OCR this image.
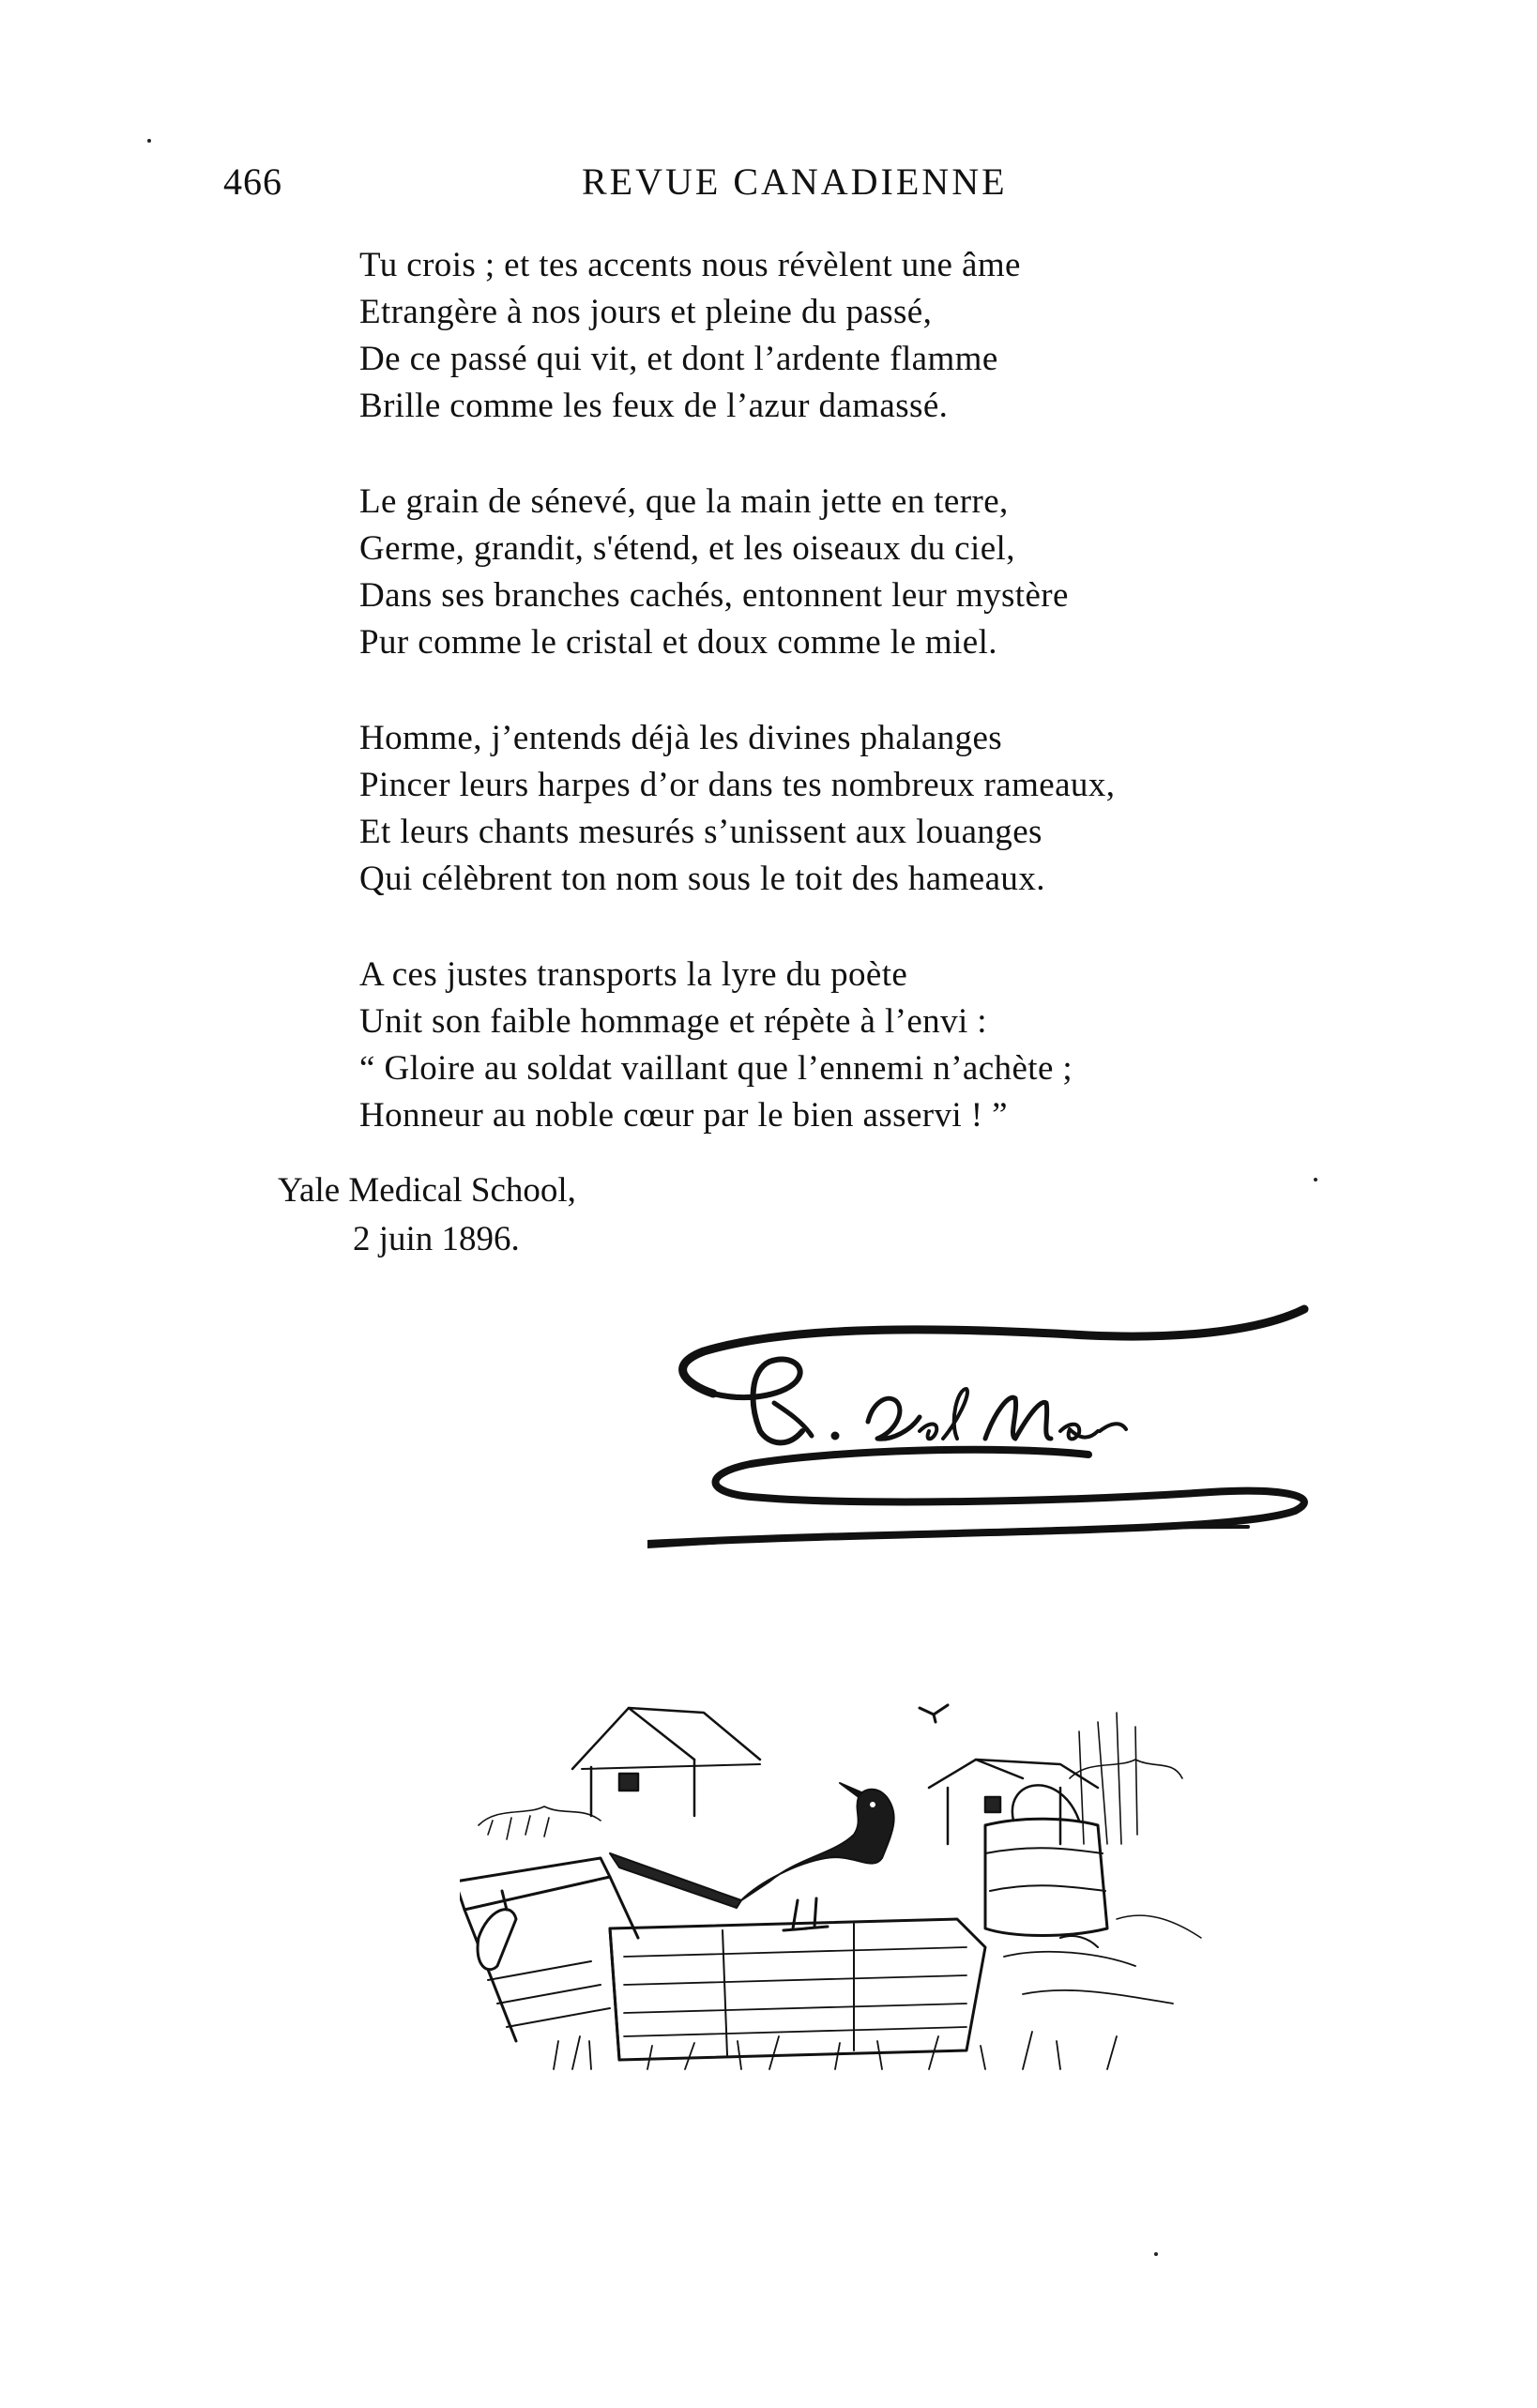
466	REVUE CANADIENNE
Tu crois ; et tes accents nous révèlent une âme
Etrangère à nos jours et pleine du passé,
De ce passé qui vit, et dont l’ardente flamme
Brille comme les feux de l’azur damassé.
Le grain de sénevé, que la main jette en terre,
Germe, grandit, s'étend, et les oiseaux du ciel,
Dans ses branches cachés, entonnent leur mystère
Pur comme le cristal et doux comme le miel.
Homme, j’entends déjà les divines phalanges
Pincer leurs harpes d’or dans tes nombreux rameaux,
Et leurs chants mesurés s’unissent aux louanges
Qui célèbrent ton nom sous le toit des hameaux.
A ces justes transports la lyre du poète
Unit son faible hommage et répète à l’envi :
“ Gloire au soldat vaillant que l’ennemi n’achète ;
Honneur au noble cœur par le bien asservi ! ”
Yale Medical School,
2 juin 1896.
